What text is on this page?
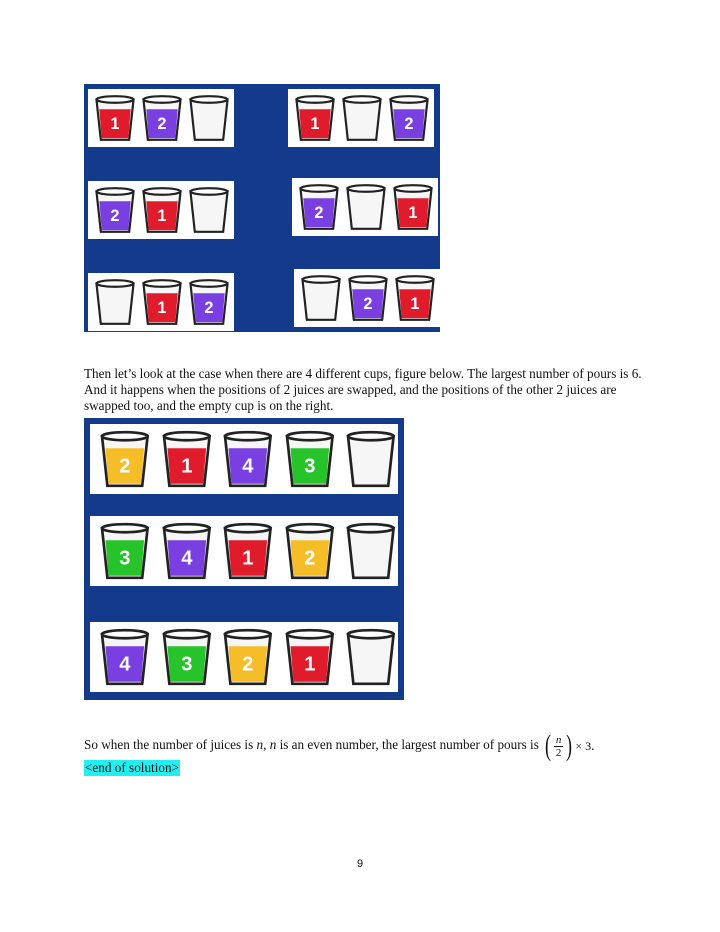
1	2	1	2
2	1	2	1
1	2	2	1

Then let’s look at the case when there are 4 different cups, figure below. The largest number of pours is 6. And it happens when the positions of 2 juices are swapped, and the positions of the other 2 juices are swapped too, and the empty cup is on the right.

2	1	4	3
3	4	1	2
4	3	2	1

So when the number of juices is n, n is an even number, the largest number of pours is ( $\frac{n}{2}$ ) × 3 .

<end of solution>
9
